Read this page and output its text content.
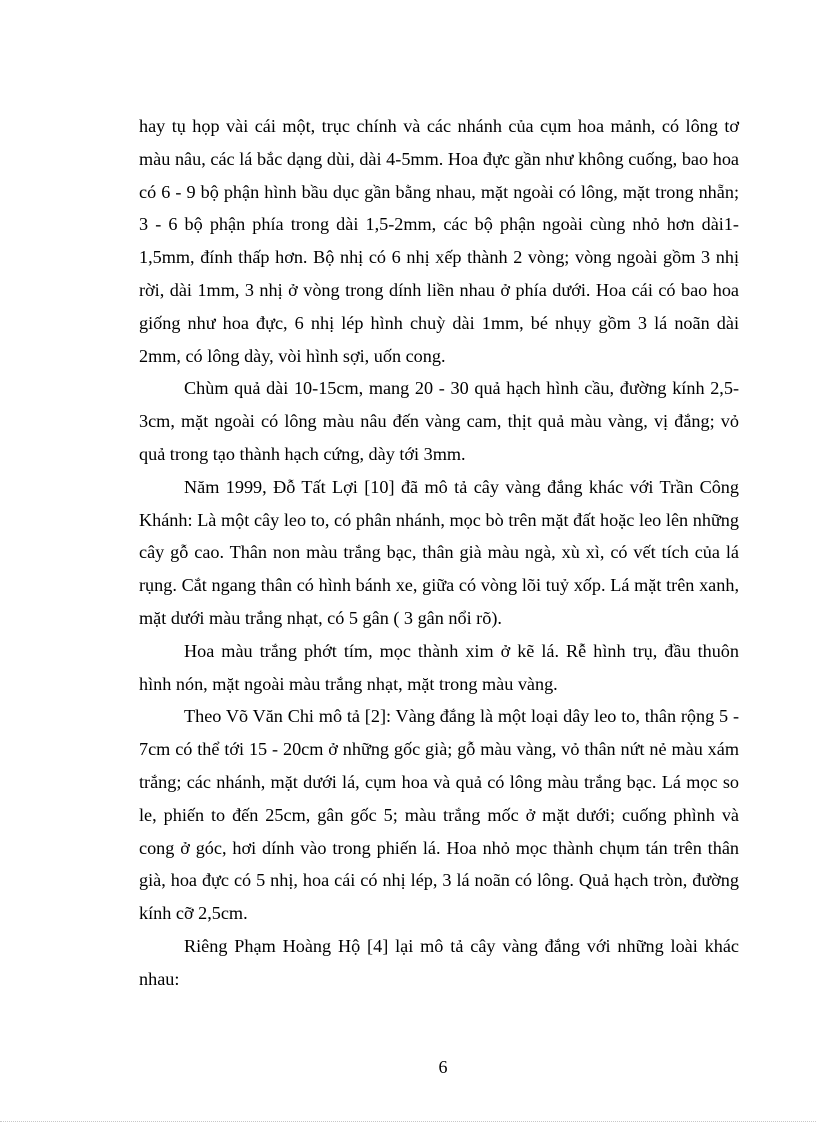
hay tụ họp vài cái một, trục chính và các nhánh của cụm hoa mảnh, có lông tơ màu nâu, các lá bắc dạng dùi, dài 4-5mm. Hoa đực gần như không cuống, bao hoa có 6 - 9 bộ phận hình bầu dục gần bằng nhau, mặt ngoài có lông, mặt trong nhẵn; 3 - 6 bộ phận phía trong dài 1,5-2mm, các bộ phận ngoài cùng nhỏ hơn dài1-1,5mm, đính thấp hơn. Bộ nhị có 6 nhị xếp thành 2 vòng; vòng ngoài gồm 3 nhị rời, dài 1mm, 3 nhị ở vòng trong dính liền nhau ở phía dưới. Hoa cái có bao hoa giống như hoa đực, 6 nhị lép hình chuỳ dài 1mm, bé nhụy gồm 3 lá noãn dài 2mm, có lông dày, vòi hình sợi, uốn cong.

Chùm quả dài 10-15cm, mang 20 - 30 quả hạch hình cầu, đường kính 2,5-3cm, mặt ngoài có lông màu nâu đến vàng cam, thịt quả màu vàng, vị đắng; vỏ quả trong tạo thành hạch cứng, dày tới 3mm.

Năm 1999, Đỗ Tất Lợi [10] đã mô tả cây vàng đắng khác với Trần Công Khánh: Là một cây leo to, có phân nhánh, mọc bò trên mặt đất hoặc leo lên những cây gỗ cao. Thân non màu trắng bạc, thân già màu ngà, xù xì, có vết tích của lá rụng. Cắt ngang thân có hình bánh xe, giữa có vòng lõi tuỷ xốp. Lá mặt trên xanh, mặt dưới màu trắng nhạt, có 5 gân ( 3 gân nổi rõ).

Hoa màu trắng phớt tím, mọc thành xim ở kẽ lá. Rễ hình trụ, đầu thuôn hình nón, mặt ngoài màu trắng nhạt, mặt trong màu vàng.

Theo Võ Văn Chi mô tả [2]: Vàng đắng là một loại dây leo to, thân rộng 5 - 7cm có thể tới 15 - 20cm ở những gốc già; gỗ màu vàng, vỏ thân nứt nẻ màu xám trắng; các nhánh, mặt dưới lá, cụm hoa và quả có lông màu trắng bạc. Lá mọc so le, phiến to đến 25cm, gân gốc 5; màu trắng mốc ở mặt dưới; cuống phình và cong ở góc, hơi dính vào trong phiến lá. Hoa nhỏ mọc thành chụm tán trên thân già, hoa đực có 5 nhị, hoa cái có nhị lép, 3 lá noãn có lông. Quả hạch tròn, đường kính cỡ 2,5cm.

Riêng Phạm Hoàng Hộ [4] lại mô tả cây vàng đắng với những loài khác nhau:

6
